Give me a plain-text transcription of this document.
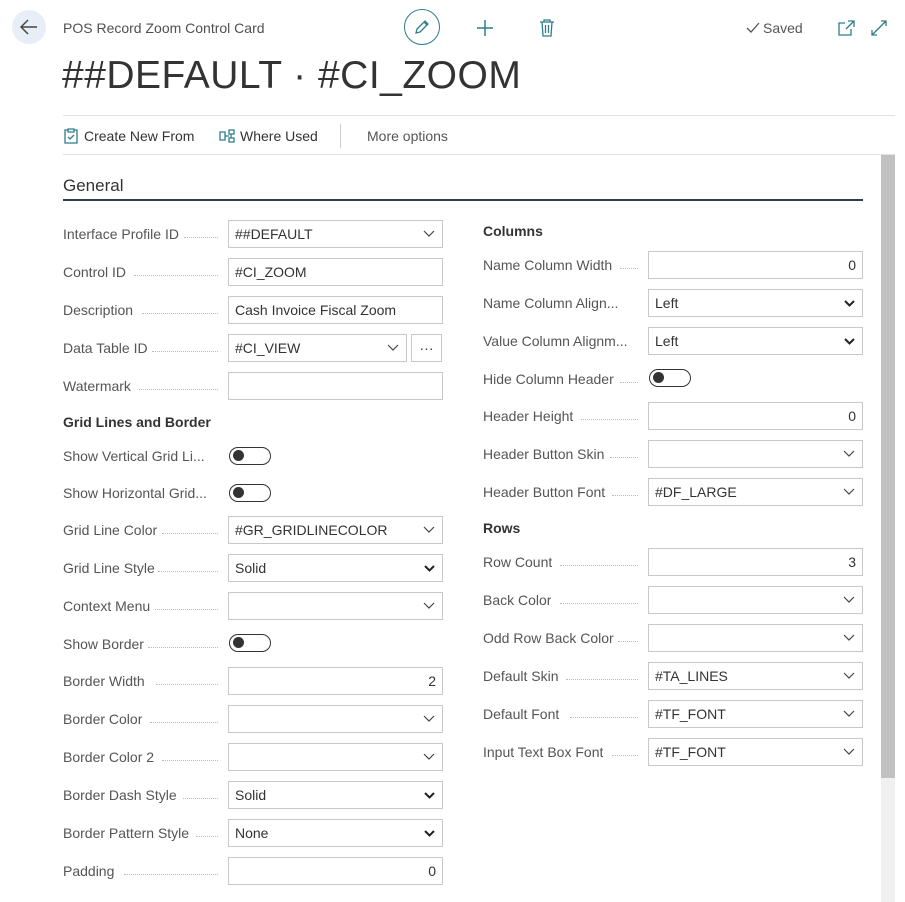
POS Record Zoom Control Card	Saved
##DEFAULT · #CI_ZOOM
Create New From	Where Used	More options
General
Interface Profile ID	##DEFAULT
Control ID	#CI_ZOOM
Description	Cash Invoice Fiscal Zoom
Data Table ID	#CI_VIEW	···
Watermark
Grid Lines and Border
Show Vertical Grid Li...
Show Horizontal Grid...
Grid Line Color	#GR_GRIDLINECOLOR
Grid Line Style	Solid
Context Menu
Show Border
Border Width	2
Border Color
Border Color 2
Border Dash Style	Solid
Border Pattern Style	None
Padding	0
Columns
Name Column Width	0
Name Column Align...	Left
Value Column Alignm...	Left
Hide Column Header
Header Height	0
Header Button Skin
Header Button Font	#DF_LARGE
Rows
Row Count	3
Back Color
Odd Row Back Color
Default Skin	#TA_LINES
Default Font	#TF_FONT
Input Text Box Font	#TF_FONT
